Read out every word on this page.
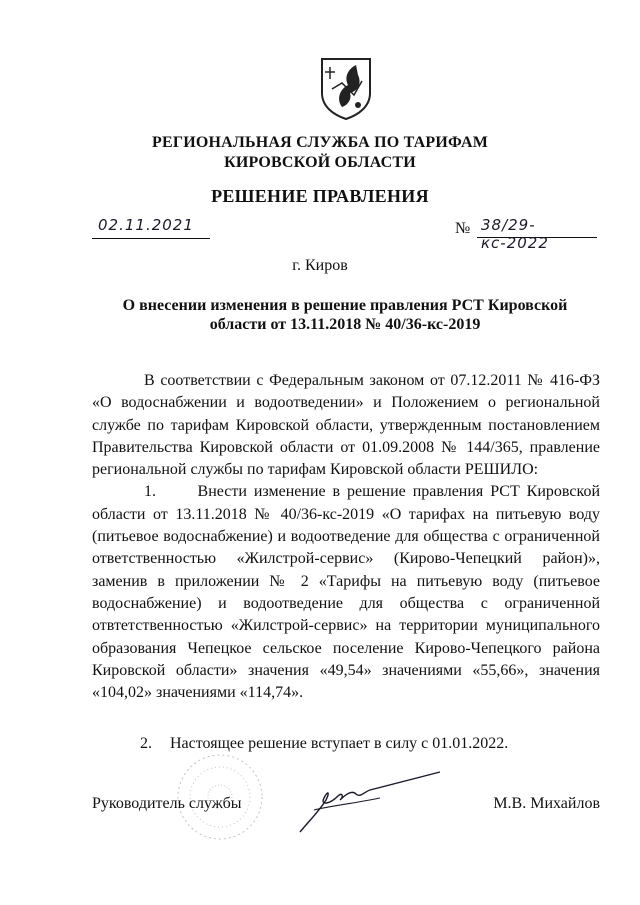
РЕГИОНАЛЬНАЯ СЛУЖБА ПО ТАРИФАМ
КИРОВСКОЙ ОБЛАСТИ
РЕШЕНИЕ ПРАВЛЕНИЯ
02.11.2021	№ 38/29-кс-2022
г. Киров
О внесении изменения в решение правления РСТ Кировской
области от 13.11.2018 № 40/36-кс-2019

В соответствии с Федеральным законом от 07.12.2011 № 416-ФЗ «О водоснабжении и водоотведении» и Положением о региональной службе по тарифам Кировской области, утвержденным постановлением Правительства Кировской области от 01.09.2008 № 144/365, правление региональной службы по тарифам Кировской области РЕШИЛО:

1.	Внести изменение в решение правления РСТ Кировской области от 13.11.2018 № 40/36-кс-2019 «О тарифах на питьевую воду (питьевое водоснабжение) и водоотведение для общества с ограниченной ответственностью «Жилстрой-сервис» (Кирово-Чепецкий район)», заменив в приложении № 2 «Тарифы на питьевую воду (питьевое водоснабжение) и водоотведение для общества с ограниченной отвтетственностью «Жилстрой-сервис» на территории муниципального образования Чепецкое сельское поселение Кирово-Чепецкого района Кировской области» значения «49,54» значениями «55,66», значения «104,02» значениями «114,74».

2. Настоящее решение вступает в силу с 01.01.2022.
Руководитель службы	М.В. Михайлов
